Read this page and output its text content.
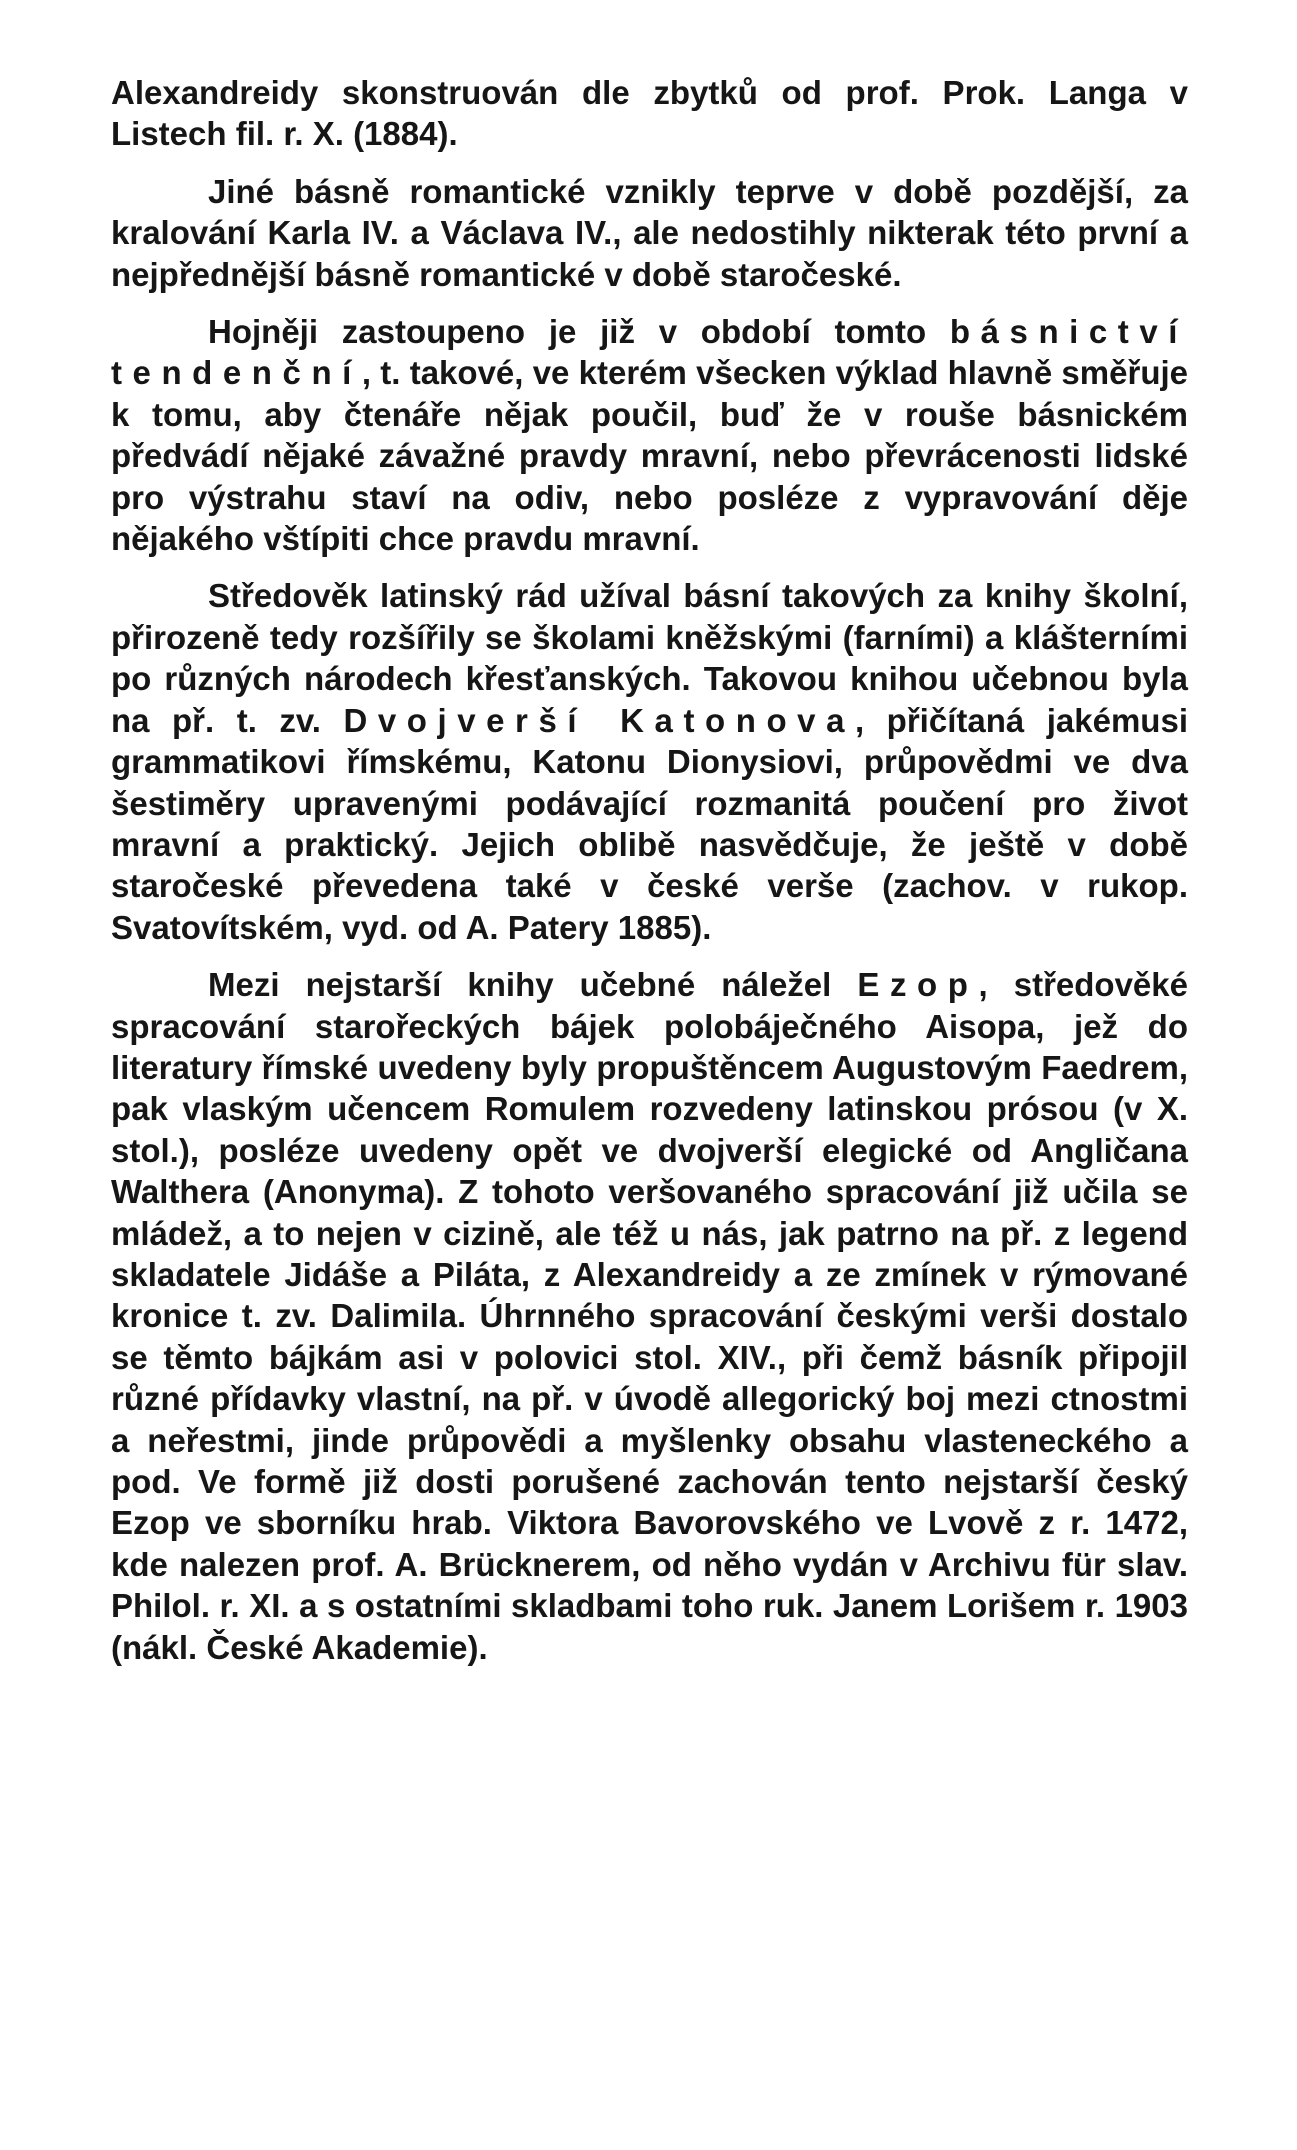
Alexandreidy skonstruován dle zbytků od prof. Prok. Langa v Listech fil. r. X. (1884).

Jiné básně romantické vznikly teprve v době pozdější, za kralování Karla IV. a Václava IV., ale nedostihly nikterak této první a nejpřednější básně romantické v době staročeské.

Hojněji zastoupeno je již v období tomto básnictví tendenční, t. takové, ve kterém všecken výklad hlavně směřuje k tomu, aby čtenáře nějak poučil, buď že v rouše básnickém předvádí nějaké závažné pravdy mravní, nebo převrácenosti lidské pro výstrahu staví na odiv, nebo posléze z vypravování děje nějakého vštípiti chce pravdu mravní.

Středověk latinský rád užíval básní takových za knihy školní, přirozeně tedy rozšířily se školami kněžskými (farními) a klášterními po různých národech křesťanských. Takovou knihou učebnou byla na př. t. zv. Dvojverší Katonova, přičítaná jakémusi grammatikovi římskému, Katonu Dionysiovi, průpovědmi ve dva šestiměry upravenými podávající rozmanitá poučení pro život mravní a praktický. Jejich oblibě nasvědčuje, že ještě v době staročeské převedena také v české verše (zachov. v rukop. Svatovítském, vyd. od A. Patery 1885).

Mezi nejstarší knihy učebné náležel Ezop, středověké spracování starořeckých bájek polobáječného Aisopa, jež do literatury římské uvedeny byly propuštěncem Augustovým Faedrem, pak vlaským učencem Romulem rozvedeny latinskou prósou (v X. stol.), posléze uvedeny opět ve dvojverší elegické od Angličana Walthera (Anonyma). Z tohoto veršovaného spracování již učila se mládež, a to nejen v cizině, ale též u nás, jak patrno na př. z legend skladatele Jidáše a Piláta, z Alexandreidy a ze zmínek v rýmované kronice t. zv. Dalimila. Úhrnného spracování českými verši dostalo se těmto bájkám asi v polovici stol. XIV., při čemž básník připojil různé přídavky vlastní, na př. v úvodě allegorický boj mezi ctnostmi a neřestmi, jinde průpovědi a myšlenky obsahu vlasteneckého a pod. Ve formě již dosti porušené zachován tento nejstarší český Ezop ve sborníku hrab. Viktora Bavorovského ve Lvově z r. 1472, kde nalezen prof. A. Brücknerem, od něho vydán v Archivu für slav. Philol. r. XI. a s ostatními skladbami toho ruk. Janem Lorišem r. 1903 (nákl. České Akademie).
